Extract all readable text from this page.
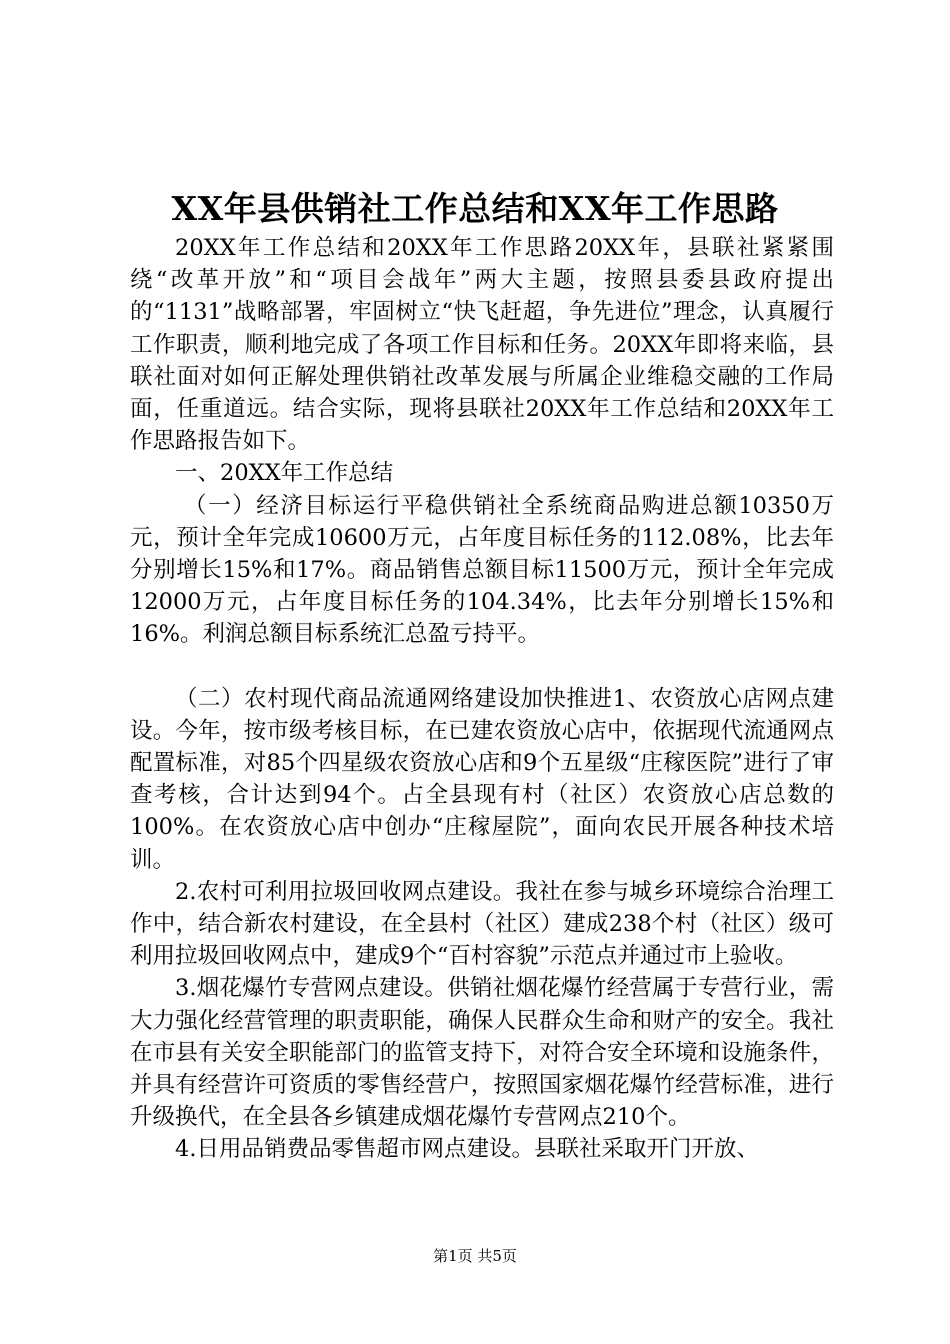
XX年县供销社工作总结和XX年工作思路

20XX年工作总结和20XX年工作思路20XX年，县联社紧紧围绕“改革开放”和“项目会战年”两大主题，按照县委县政府提出的“1131”战略部署，牢固树立“快飞赶超，争先进位”理念，认真履行工作职责，顺利地完成了各项工作目标和任务。20XX年即将来临，县联社面对如何正解处理供销社改革发展与所属企业维稳交融的工作局面，任重道远。结合实际，现将县联社20XX年工作总结和20XX年工作思路报告如下。

一、20XX年工作总结

（一）经济目标运行平稳供销社全系统商品购进总额10350万元，预计全年完成10600万元，占年度目标任务的112.08%，比去年分别增长15%和17%。商品销售总额目标11500万元，预计全年完成12000万元，占年度目标任务的104.34%，比去年分别增长15%和16%。利润总额目标系统汇总盈亏持平。

（二）农村现代商品流通网络建设加快推进1、农资放心店网点建设。今年，按市级考核目标，在已建农资放心店中，依据现代流通网点配置标准，对85个四星级农资放心店和9个五星级“庄稼医院”进行了审查考核，合计达到94个。占全县现有村（社区）农资放心店总数的100%。在农资放心店中创办“庄稼屋院”，面向农民开展各种技术培训。

2.农村可利用拉圾回收网点建设。我社在参与城乡环境综合治理工作中，结合新农村建设，在全县村（社区）建成238个村（社区）级可利用拉圾回收网点中，建成9个“百村容貌”示范点并通过市上验收。

3.烟花爆竹专营网点建设。供销社烟花爆竹经营属于专营行业，需大力强化经营管理的职责职能，确保人民群众生命和财产的安全。我社在市县有关安全职能部门的监管支持下，对符合安全环境和设施条件，并具有经营许可资质的零售经营户，按照国家烟花爆竹经营标准，进行升级换代，在全县各乡镇建成烟花爆竹专营网点210个。

4.日用品销费品零售超市网点建设。县联社采取开门开放、

第1页 共5页
